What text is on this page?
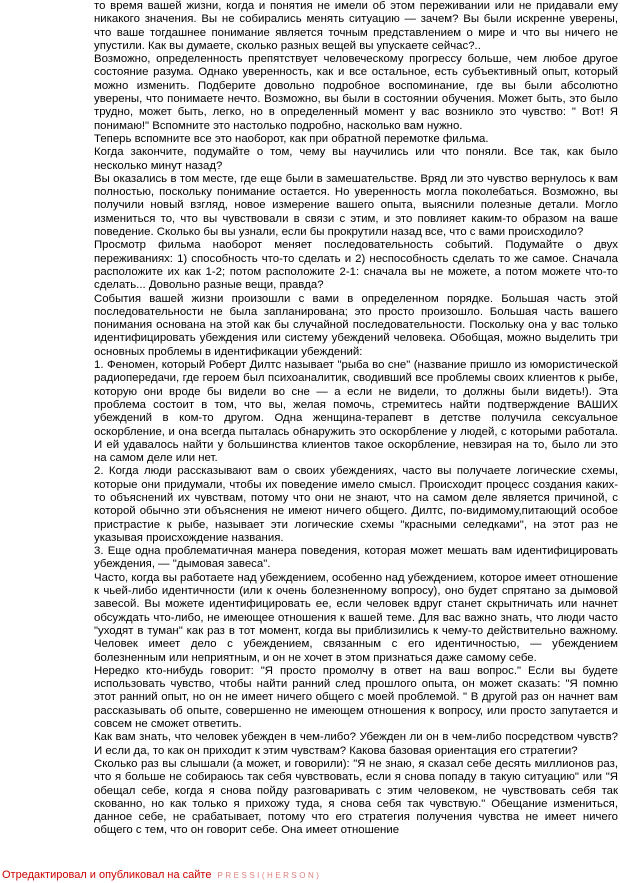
то время вашей жизни, когда и понятия не имели об этом переживании или не придавали ему никакого значения. Вы не собирались менять ситуацию — зачем? Вы были искренне уверены, что ваше тогдашнее понимание является точным представлением о мире и что вы ничего не упустили. Как вы думаете, сколько разных вещей вы упускаете сейчас?..

Возможно, определенность препятствует человеческому прогрессу больше, чем любое другое состояние разума. Однако уверенность, как и все остальное, есть субъективный опыт, который можно изменить. Подберите довольно подробное воспоминание, где вы были абсолютно уверены, что понимаете нечто. Возможно, вы были в состоянии обучения. Может быть, это было трудно, может быть, легко, но в определенный момент у вас возникло это чувство: " Вот! Я понимаю!" Вспомните это настолько подробно, насколько вам нужно.

Теперь вспомните все это наоборот, как при обратной перемотке фильма.

Когда закончите, подумайте о том, чему вы научились или что поняли. Все так, как было несколько минут назад?

Вы оказались в том месте, где еще были в замешательстве. Вряд ли это чувство вернулось к вам полностью, поскольку понимание остается. Но уверенность могла поколебаться. Возможно, вы получили новый взгляд, новое измерение вашего опыта, выяснили полезные детали. Могло измениться то, что вы чувствовали в связи с этим, и это повлияет каким-то образом на ваше поведение. Сколько бы вы узнали, если бы прокрутили назад все, что с вами происходило?

Просмотр фильма наоборот меняет последовательность событий. Подумайте о двух переживаниях: 1) способность что-то сделать и 2) неспособность сделать то же самое. Сначала расположите их как 1-2; потом расположите 2-1: сначала вы не можете, а потом можете что-то сделать... Довольно разные вещи, правда?

События вашей жизни произошли с вами в определенном порядке. Большая часть этой последовательности не была запланирована; это просто произошло. Большая часть вашего понимания основана на этой как бы случайной последовательности. Поскольку она у вас только идентифицировать убеждения или систему убеждений человека. Обобщая, можно выделить три основных проблемы в идентификации убеждений:

1. Феномен, который Роберт Дилтс называет "рыба во сне" (название пришло из юмористической радиопередачи, где героем был психоаналитик, сводивший все проблемы своих клиентов к рыбе, которую они вроде бы видели во сне — а если не видели, то должны были видеть!). Эта проблема состоит в том, что вы, желая помочь, стремитесь найти подтверждение ВАШИХ убеждений в ком-то другом. Одна женщина-терапевт в детстве получила сексуальное оскорбление, и она всегда пыталась обнаружить это оскорбление у людей, с которыми работала. И ей удавалось найти у большинства клиентов такое оскорбление, невзирая на то, было ли это на самом деле или нет.

2. Когда люди рассказывают вам о своих убеждениях, часто вы получаете логические схемы, которые они придумали, чтобы их поведение имело смысл. Происходит процесс создания каких-то объяснений их чувствам, потому что они не знают, что на самом деле является причиной, с которой обычно эти объяснения не имеют ничего общего. Дилтс, по-видимому,питающий особое пристрастие к рыбе, называет эти логические схемы "красными селедками", на этот раз не указывая происхождение названия.

3. Еще одна проблематичная манера поведения, которая может мешать вам идентифицировать убеждения, — "дымовая завеса".

Часто, когда вы работаете над убеждением, особенно над убеждением, которое имеет отношение к чьей-либо идентичности (или к очень болезненному вопросу), оно будет спрятано за дымовой завесой. Вы можете идентифицировать ее, если человек вдруг станет скрытничать или начнет обсуждать что-либо, не имеющее отношения к вашей теме. Для вас важно знать, что люди часто "уходят в туман" как раз в тот момент, когда вы приблизились к чему-то действительно важному. Человек имеет дело с убеждением, связанным с его идентичностью, — убеждением болезненным или неприятным, и он не хочет в этом признаться даже самому себе.

Нередко кто-нибудь говорит: "Я просто промолчу в ответ на ваш вопрос." Если вы будете использовать чувство, чтобы найти ранний след прошлого опыта, он может сказать: "Я помню этот ранний опыт, но он не имеет ничего общего с моей проблемой. " В другой раз он начнет вам рассказывать об опыте, совершенно не имеющем отношения к вопросу, или просто запутается и совсем не сможет ответить.

Как вам знать, что человек убежден в чем-либо? Убежден ли он в чем-либо посредством чувств? И если да, то как он приходит к этим чувствам? Какова базовая ориентация его стратегии?

Сколько раз вы слышали (а может, и говорили): "Я не знаю, я сказал себе десять миллионов раз, что я больше не собираюсь так себя чувствовать, если я снова попаду в такую ситуацию" или "Я обещал себе, когда я снова пойду разговаривать с этим человеком, не чувствовать себя так скованно, но как только я прихожу туда, я снова себя так чувствую." Обещание измениться, данное себе, не срабатывает, потому что его стратегия получения чувства не имеет ничего общего с тем, что он говорит себе. Она имеет отношение

Отредактировал и опубликовал на сайте PRESSI(HERSON)
